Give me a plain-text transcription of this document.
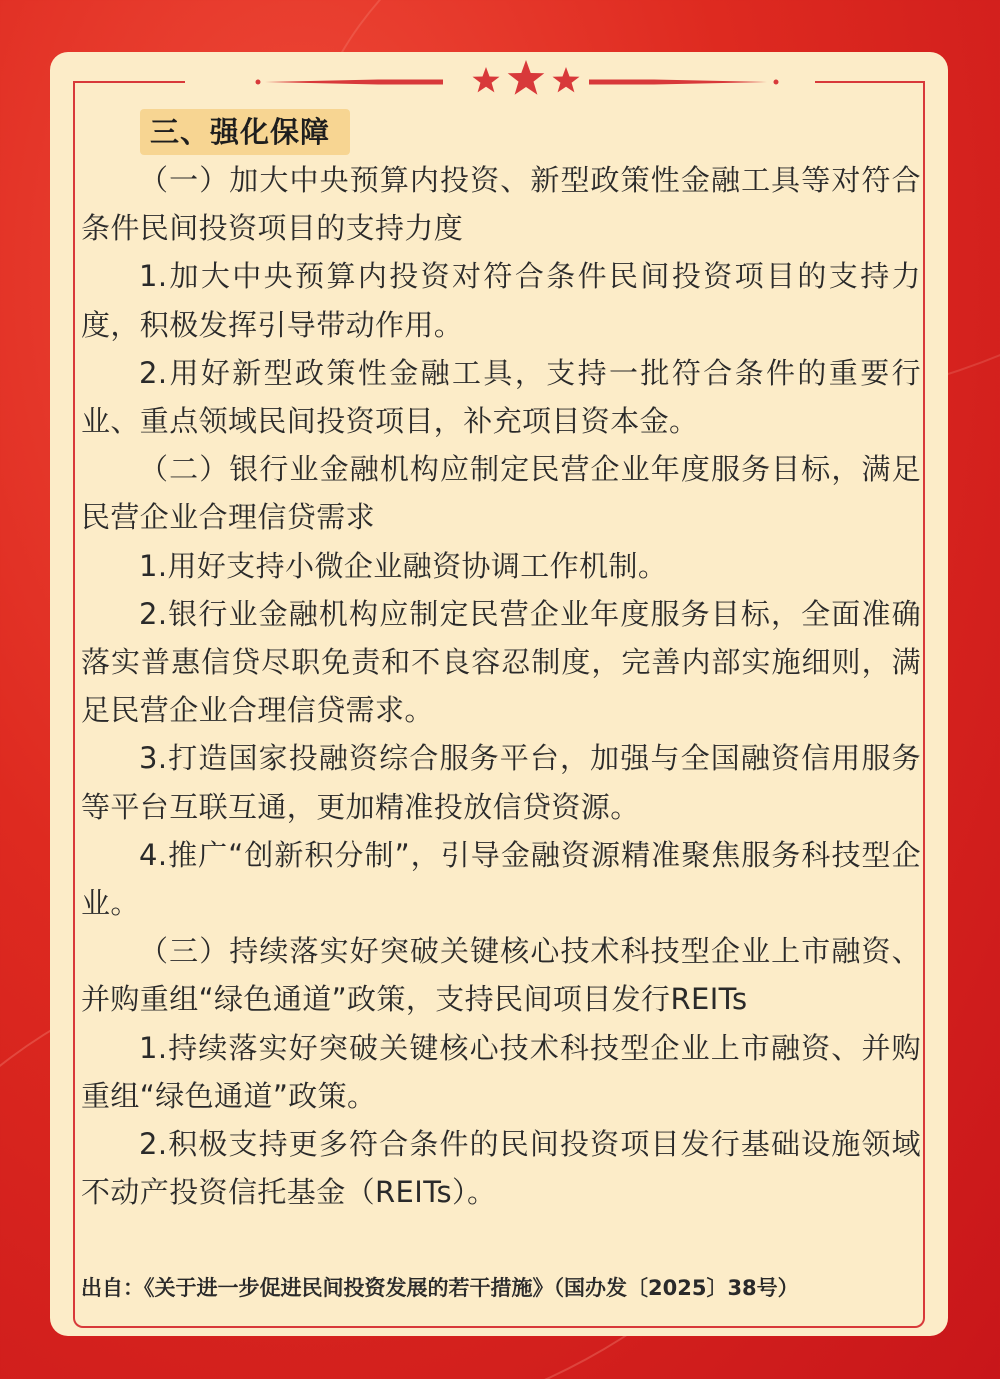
三、强化保障

（一）加大中央预算内投资、新型政策性金融工具等对符合条件民间投资项目的支持力度

1.加大中央预算内投资对符合条件民间投资项目的支持力度，积极发挥引导带动作用。

2.用好新型政策性金融工具，支持一批符合条件的重要行业、重点领域民间投资项目，补充项目资本金。

（二）银行业金融机构应制定民营企业年度服务目标，满足民营企业合理信贷需求

1.用好支持小微企业融资协调工作机制。

2.银行业金融机构应制定民营企业年度服务目标，全面准确落实普惠信贷尽职免责和不良容忍制度，完善内部实施细则，满足民营企业合理信贷需求。

3.打造国家投融资综合服务平台，加强与全国融资信用服务等平台互联互通，更加精准投放信贷资源。

4.推广“创新积分制”，引导金融资源精准聚焦服务科技型企业。

（三）持续落实好突破关键核心技术科技型企业上市融资、并购重组“绿色通道”政策，支持民间项目发行REITs

1.持续落实好突破关键核心技术科技型企业上市融资、并购重组“绿色通道”政策。

2.积极支持更多符合条件的民间投资项目发行基础设施领域不动产投资信托基金（REITs）。

出自：《关于进一步促进民间投资发展的若干措施》（国办发〔2025〕38号）
